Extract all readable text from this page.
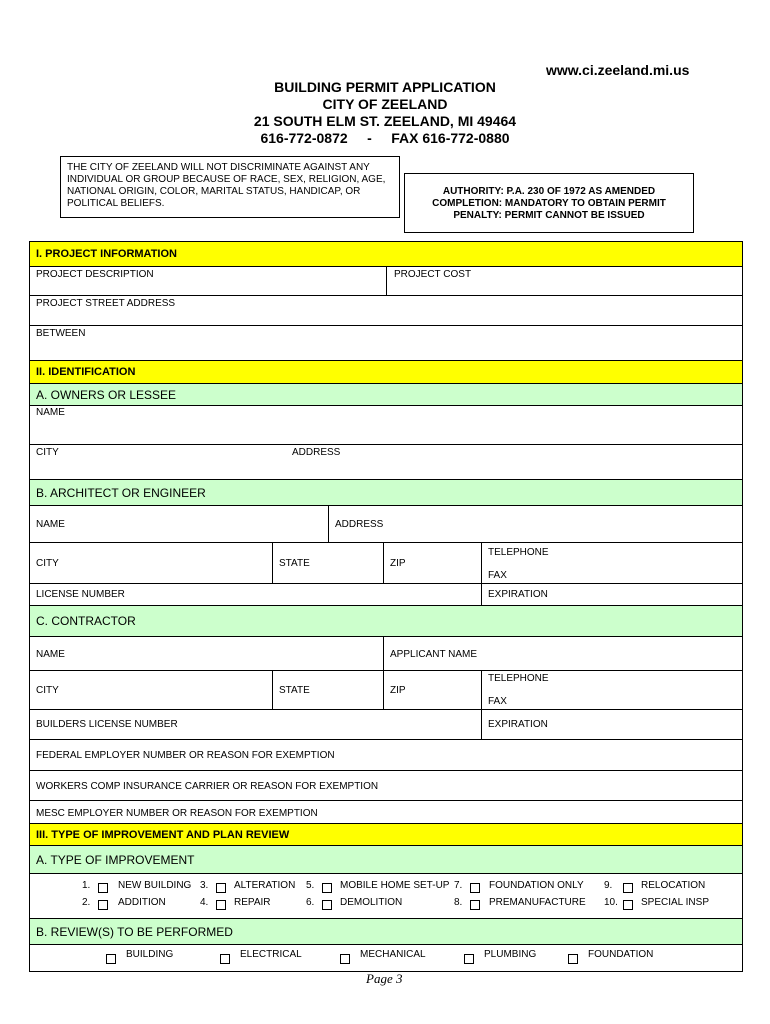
www.ci.zeeland.mi.us
BUILDING PERMIT APPLICATION
CITY OF ZEELAND
21 SOUTH ELM ST. ZEELAND, MI 49464
616-772-0872     -     FAX 616-772-0880
THE CITY OF ZEELAND WILL NOT DISCRIMINATE AGAINST ANY INDIVIDUAL OR GROUP BECAUSE OF RACE, SEX, RELIGION, AGE, NATIONAL ORIGIN, COLOR, MARITAL STATUS, HANDICAP, OR POLITICAL BELIEFS.
AUTHORITY: P.A. 230 OF 1972 AS AMENDED
COMPLETION: MANDATORY TO OBTAIN PERMIT
PENALTY: PERMIT CANNOT BE ISSUED
I. PROJECT INFORMATION
PROJECT DESCRIPTION	PROJECT COST
PROJECT STREET ADDRESS
BETWEEN
II. IDENTIFICATION
A. OWNERS OR LESSEE
NAME
CITY	ADDRESS
B. ARCHITECT OR ENGINEER
NAME	ADDRESS
CITY	STATE	ZIP
TELEPHONE
FAX
LICENSE NUMBER	EXPIRATION
C. CONTRACTOR
NAME	APPLICANT NAME
CITY	STATE	ZIP
TELEPHONE
FAX
BUILDERS LICENSE NUMBER	EXPIRATION
FEDERAL EMPLOYER NUMBER OR REASON FOR EXEMPTION
WORKERS COMP INSURANCE CARRIER OR REASON FOR EXEMPTION
MESC EMPLOYER NUMBER OR REASON FOR EXEMPTION
III. TYPE OF IMPROVEMENT AND PLAN REVIEW
A. TYPE OF IMPROVEMENT
1.	NEW BUILDING
2.	ADDITION
3.	ALTERATION
4.	REPAIR
5.	MOBILE HOME SET-UP
6.	DEMOLITION
7.	FOUNDATION ONLY
8.	PREMANUFACTURE
9.	RELOCATION
10. SPECIAL INSP
B. REVIEW(S) TO BE PERFORMED
BUILDING	ELECTRICAL	MECHANICAL	PLUMBING	FOUNDATION
Page 3
